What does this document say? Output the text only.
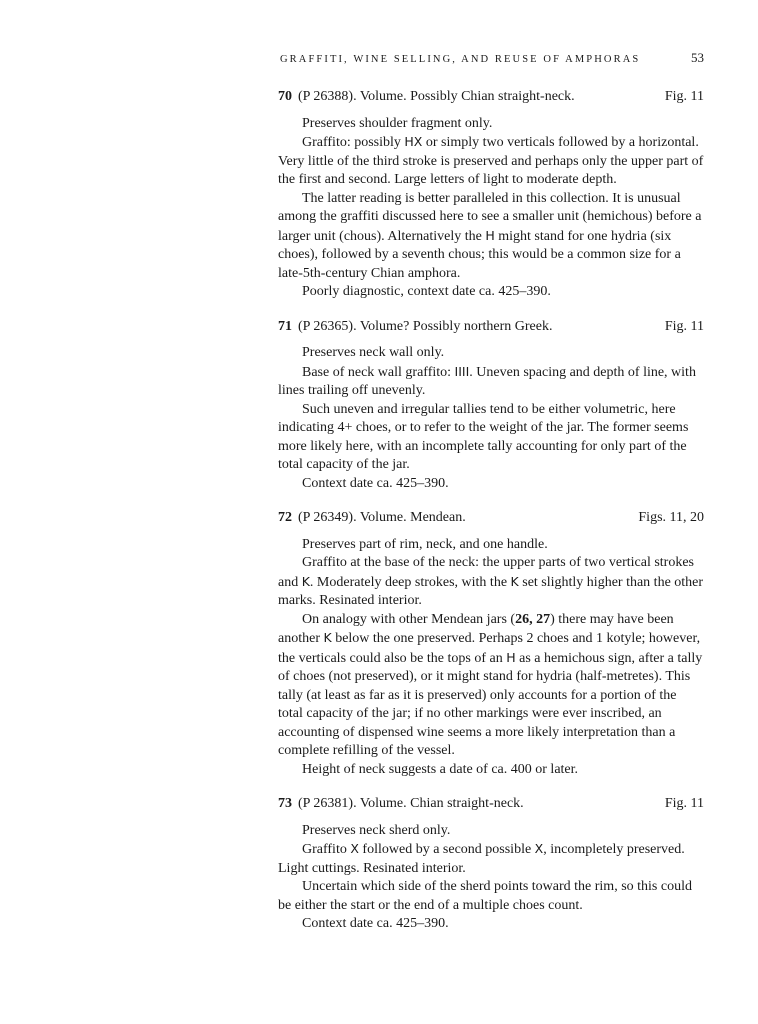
GRAFFITI, WINE SELLING, AND REUSE OF AMPHORAS	53
70 (P 26388). Volume. Possibly Chian straight-neck.	Fig. 11

Preserves shoulder fragment only.

Graffito: possibly HX or simply two verticals followed by a horizontal. Very little of the third stroke is preserved and perhaps only the upper part of the first and second. Large letters of light to moderate depth.

The latter reading is better paralleled in this collection. It is unusual among the graffiti discussed here to see a smaller unit (hemichous) before a larger unit (chous). Alternatively the H might stand for one hydria (six choes), followed by a seventh chous; this would be a common size for a late-5th-century Chian amphora.

Poorly diagnostic, context date ca. 425–390.

71 (P 26365). Volume? Possibly northern Greek.	Fig. 11

Preserves neck wall only.

Base of neck wall graffito: IIII. Uneven spacing and depth of line, with lines trailing off unevenly.

Such uneven and irregular tallies tend to be either volumetric, here indicating 4+ choes, or to refer to the weight of the jar. The former seems more likely here, with an incomplete tally accounting for only part of the total capacity of the jar.

Context date ca. 425–390.

72 (P 26349). Volume. Mendean.	Figs. 11, 20

Preserves part of rim, neck, and one handle.

Graffito at the base of the neck: the upper parts of two vertical strokes and K. Moderately deep strokes, with the K set slightly higher than the other marks. Resinated interior.

On analogy with other Mendean jars (26, 27) there may have been another K below the one preserved. Perhaps 2 choes and 1 kotyle; however, the verticals could also be the tops of an H as a hemichous sign, after a tally of choes (not preserved), or it might stand for hydria (half-metretes). This tally (at least as far as it is preserved) only accounts for a portion of the total capacity of the jar; if no other markings were ever inscribed, an accounting of dispensed wine seems a more likely interpretation than a complete refilling of the vessel.

Height of neck suggests a date of ca. 400 or later.

73 (P 26381). Volume. Chian straight-neck.	Fig. 11

Preserves neck sherd only.

Graffito X followed by a second possible X, incompletely preserved. Light cuttings. Resinated interior.

Uncertain which side of the sherd points toward the rim, so this could be either the start or the end of a multiple choes count.

Context date ca. 425–390.
